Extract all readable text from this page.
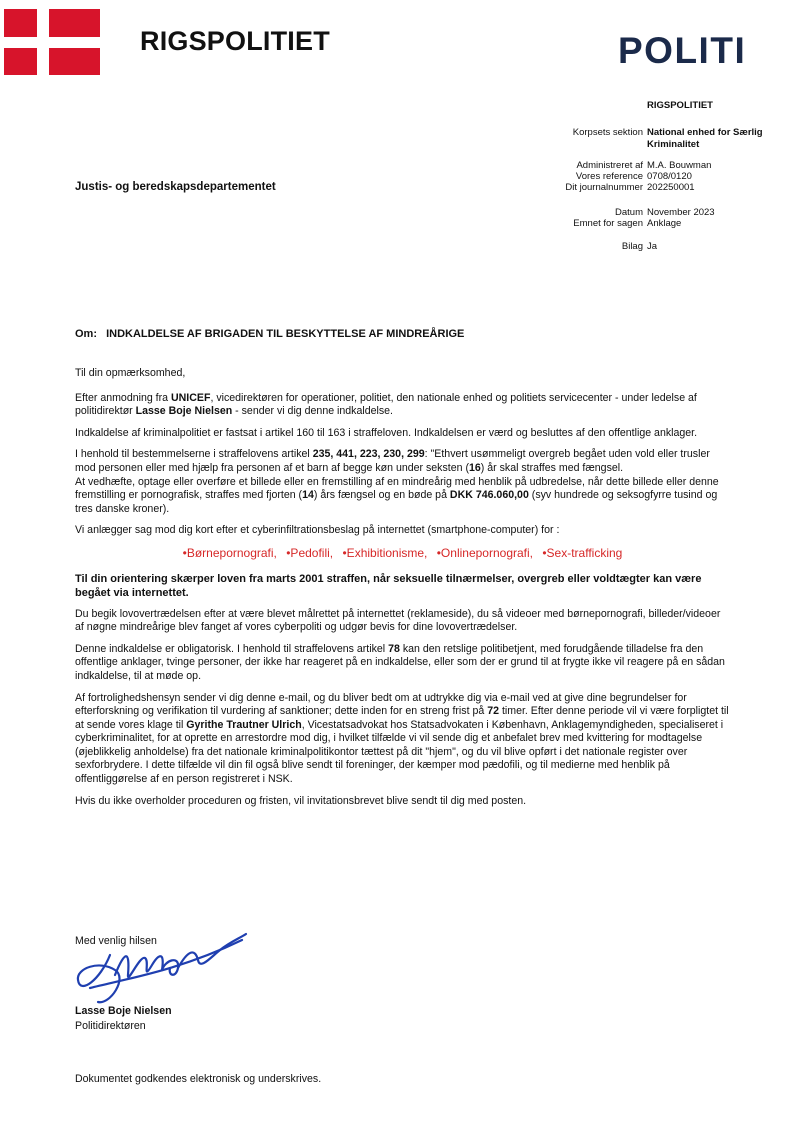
RIGSPOLITIET	POLITI
RIGSPOLITIET
Korpsets sektion National enhed for Særlig Kriminalitet
Administreret af M.A. Bouwman
Vores reference 0708/0120
Dit journalnummer 202250001
Datum November 2023
Emnet for sagen Anklage
Bilag Ja
Justis- og beredskapsdepartementet
Om: INDKALDELSE AF BRIGADEN TIL BESKYTTELSE AF MINDREÅRIGE

Til din opmærksomhed,

Efter anmodning fra UNICEF, vicedirektøren for operationer, politiet, den nationale enhed og politiets servicecenter - under ledelse af politidirektør Lasse Boje Nielsen - sender vi dig denne indkaldelse.

Indkaldelse af kriminalpolitiet er fastsat i artikel 160 til 163 i straffeloven. Indkaldelsen er værd og besluttes af den offentlige anklager.

I henhold til bestemmelserne i straffelovens artikel 235, 441, 223, 230, 299: "Ethvert usømmeligt overgreb begået uden vold eller trusler mod personen eller med hjælp fra personen af et barn af begge køn under seksten (16) år skal straffes med fængsel.

At vedhæfte, optage eller overføre et billede eller en fremstilling af en mindreårig med henblik på udbredelse, når dette billede eller denne fremstilling er pornografisk, straffes med fjorten (14) års fængsel og en bøde på DKK 746.060,00 (syv hundrede og seksogfyrre tusind og tres danske kroner).

Vi anlægger sag mod dig kort efter et cyberinfiltrationsbeslag på internettet (smartphone-computer) for :

•Børnepornografi, •Pedofili, •Exhibitionisme, •Onlinepornografi, •Sex-trafficking

Til din orientering skærper loven fra marts 2001 straffen, når seksuelle tilnærmelser, overgreb eller voldtægter kan være begået via internettet.

Du begik lovovertrædelsen efter at være blevet målrettet på internettet (reklameside), du så videoer med børnepornografi, billeder/videoer af nøgne mindreårige blev fanget af vores cyberpoliti og udgør bevis for dine lovovertrædelser.

Denne indkaldelse er obligatorisk. I henhold til straffelovens artikel 78 kan den retslige politibetjent, med forudgående tilladelse fra den offentlige anklager, tvinge personer, der ikke har reageret på en indkaldelse, eller som der er grund til at frygte ikke vil reagere på en sådan indkaldelse, til at møde op.

Af fortrolighedshensyn sender vi dig denne e-mail, og du bliver bedt om at udtrykke dig via e-mail ved at give dine begrundelser for efterforskning og verifikation til vurdering af sanktioner; dette inden for en streng frist på 72 timer. Efter denne periode vil vi være forpligtet til at sende vores klage til Gyrithe Trautner Ulrich, Vicestatsadvokat hos Statsadvokaten i København, Anklagemyndigheden, specialiseret i cyberkriminalitet, for at oprette en arrestordre mod dig, i hvilket tilfælde vi vil sende dig et anbefalet brev med kvittering for modtagelse (øjeblikkelig anholdelse) fra det nationale kriminalpolitikontor tættest på dit "hjem", og du vil blive opført i det nationale register over sexforbrydere. I dette tilfælde vil din fil også blive sendt til foreninger, der kæmper mod pædofili, og til medierne med henblik på offentliggørelse af en person registreret i NSK.

Hvis du ikke overholder proceduren og fristen, vil invitationsbrevet blive sendt til dig med posten.

Med venlig hilsen
Lasse Boje Nielsen
Politidirektøren
Dokumentet godkendes elektronisk og underskrives.
